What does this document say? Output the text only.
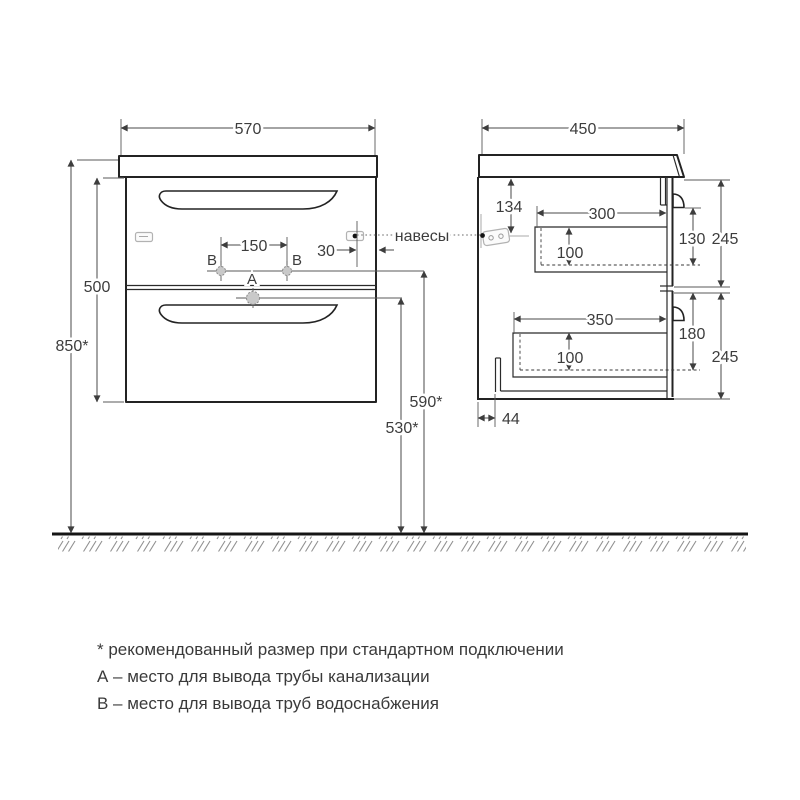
570
500
850*
150
B	B
A
30
навесы
590*
530*
450
134	300
100
130 245
350
100
180
245
44
* рекомендованный размер при стандартном подключении
А – место для вывода трубы канализации
B – место для вывода труб водоснабжения
